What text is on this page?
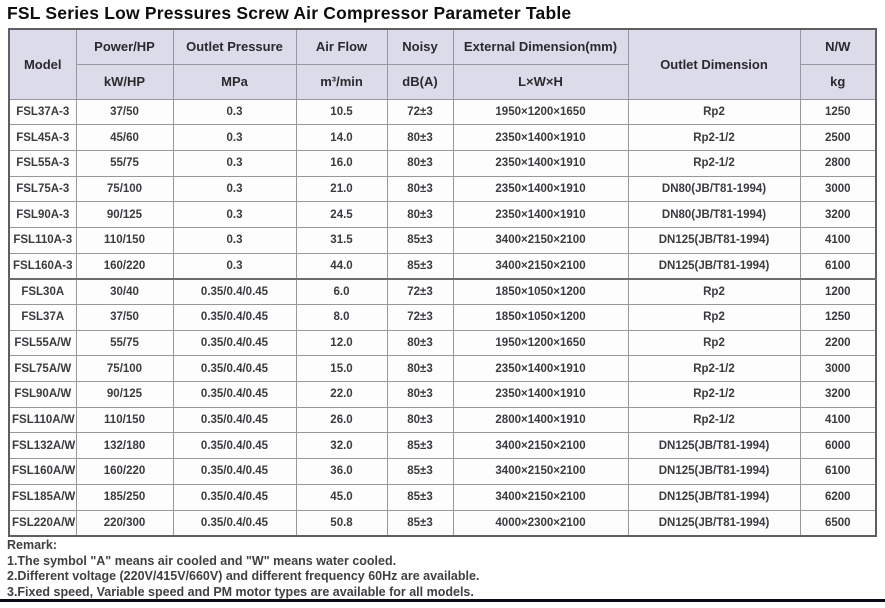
FSL Series Low Pressures Screw Air Compressor Parameter Table
Model	Power/HP	Outlet Pressure	Air Flow	Noisy	External Dimension(mm)	Outlet Dimension	N/W
	kW/HP	MPa	m³/min	dB(A)	L×W×H		kg
FSL37A-3	37/50	0.3	10.5	72±3	1950×1200×1650	Rp2	1250
FSL45A-3	45/60	0.3	14.0	80±3	2350×1400×1910	Rp2-1/2	2500
FSL55A-3	55/75	0.3	16.0	80±3	2350×1400×1910	Rp2-1/2	2800
FSL75A-3	75/100	0.3	21.0	80±3	2350×1400×1910	DN80(JB/T81-1994)	3000
FSL90A-3	90/125	0.3	24.5	80±3	2350×1400×1910	DN80(JB/T81-1994)	3200
FSL110A-3	110/150	0.3	31.5	85±3	3400×2150×2100	DN125(JB/T81-1994)	4100
FSL160A-3	160/220	0.3	44.0	85±3	3400×2150×2100	DN125(JB/T81-1994)	6100
FSL30A	30/40	0.35/0.4/0.45	6.0	72±3	1850×1050×1200	Rp2	1200
FSL37A	37/50	0.35/0.4/0.45	8.0	72±3	1850×1050×1200	Rp2	1250
FSL55A/W	55/75	0.35/0.4/0.45	12.0	80±3	1950×1200×1650	Rp2	2200
FSL75A/W	75/100	0.35/0.4/0.45	15.0	80±3	2350×1400×1910	Rp2-1/2	3000
FSL90A/W	90/125	0.35/0.4/0.45	22.0	80±3	2350×1400×1910	Rp2-1/2	3200
FSL110A/W	110/150	0.35/0.4/0.45	26.0	80±3	2800×1400×1910	Rp2-1/2	4100
FSL132A/W	132/180	0.35/0.4/0.45	32.0	85±3	3400×2150×2100	DN125(JB/T81-1994)	6000
FSL160A/W	160/220	0.35/0.4/0.45	36.0	85±3	3400×2150×2100	DN125(JB/T81-1994)	6100
FSL185A/W	185/250	0.35/0.4/0.45	45.0	85±3	3400×2150×2100	DN125(JB/T81-1994)	6200
FSL220A/W	220/300	0.35/0.4/0.45	50.8	85±3	4000×2300×2100	DN125(JB/T81-1994)	6500
Remark:
1.The symbol "A" means air cooled and "W" means water cooled.
2.Different voltage (220V/415V/660V) and different frequency 60Hz are available.
3.Fixed speed, Variable speed and PM motor types are available for all models.
